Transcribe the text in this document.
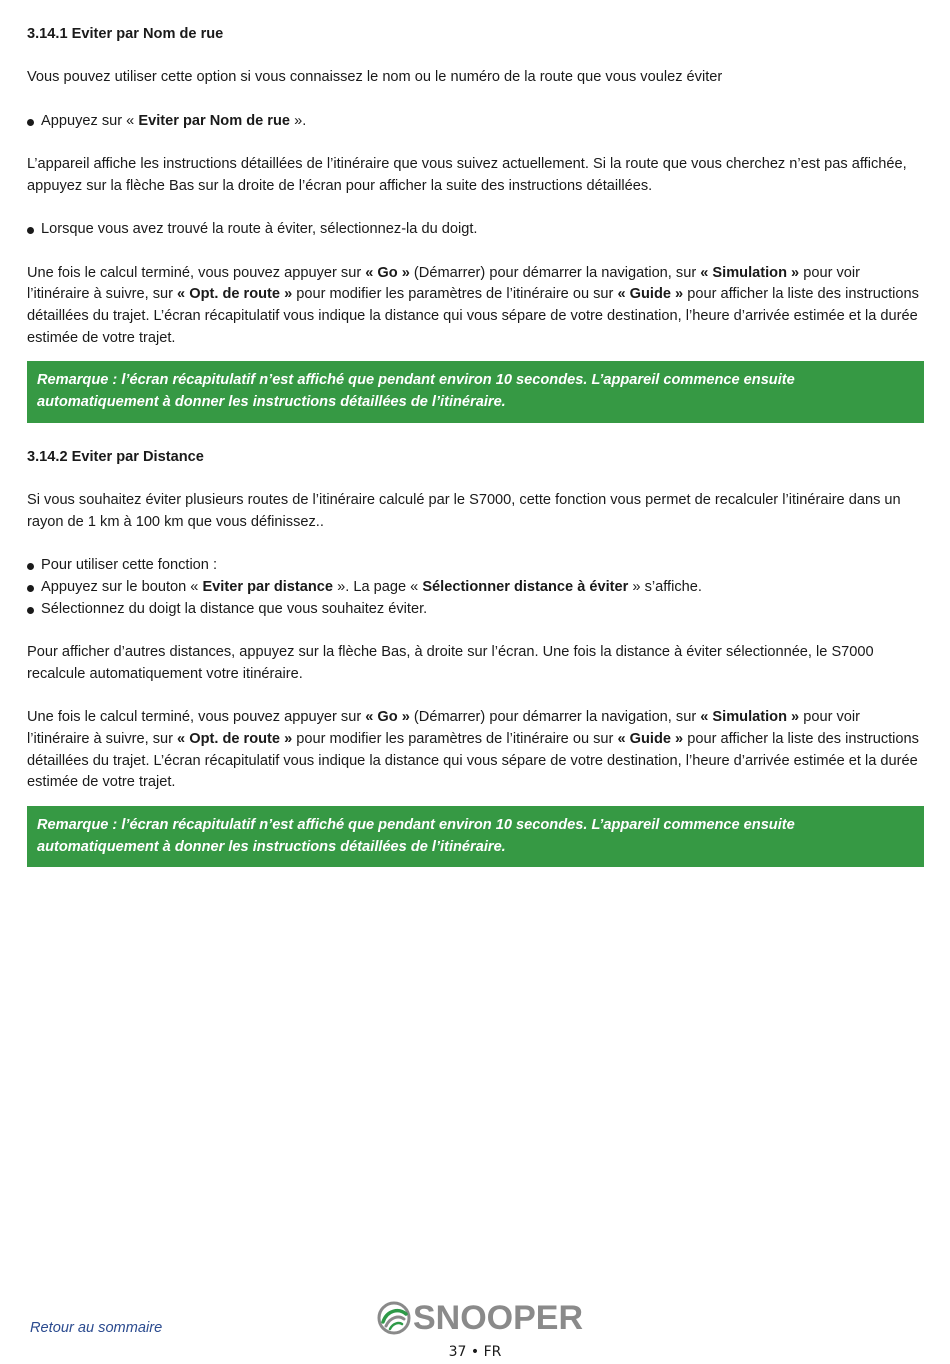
3.14.1 Eviter par Nom de rue

Vous pouvez utiliser cette option si vous connaissez le nom ou le numéro de la route que vous voulez éviter

Appuyez sur « Eviter par Nom de rue ».

L’appareil affiche les instructions détaillées de l’itinéraire que vous suivez actuellement. Si la route que vous cherchez n’est pas affichée, appuyez sur la flèche Bas sur la droite de l’écran pour afficher la suite des instructions détaillées.

Lorsque vous avez trouvé la route à éviter, sélectionnez-la du doigt.

Une fois le calcul terminé, vous pouvez appuyer sur « Go » (Démarrer) pour démarrer la navigation, sur « Simulation » pour voir l’itinéraire à suivre, sur « Opt. de route » pour modifier les paramètres de l’itinéraire ou sur « Guide » pour afficher la liste des instructions détaillées du trajet. L’écran récapitulatif vous indique la distance qui vous sépare de votre destination, l’heure d’arrivée estimée et la durée estimée de votre trajet.

Remarque : l’écran récapitulatif n’est affiché que pendant environ 10 secondes. L’appareil commence ensuite automatiquement à donner les instructions détaillées de l’itinéraire.
3.14.2 Eviter par Distance

Si vous souhaitez éviter plusieurs routes de l’itinéraire calculé par le S7000, cette fonction vous permet de recalculer l’itinéraire dans un rayon de 1 km à 100 km que vous définissez..

Pour utiliser cette fonction :

Appuyez sur le bouton « Eviter par distance ». La page « Sélectionner distance à éviter » s’affiche.

Sélectionnez du doigt la distance que vous souhaitez éviter.

Pour afficher d’autres distances, appuyez sur la flèche Bas, à droite sur l’écran. Une fois la distance à éviter sélectionnée, le S7000 recalcule automatiquement votre itinéraire.

Une fois le calcul terminé, vous pouvez appuyer sur « Go » (Démarrer) pour démarrer la navigation, sur « Simulation » pour voir l’itinéraire à suivre, sur « Opt. de route » pour modifier les paramètres de l’itinéraire ou sur « Guide » pour afficher la liste des instructions détaillées du trajet. L’écran récapitulatif vous indique la distance qui vous sépare de votre destination, l’heure d’arrivée estimée et la durée estimée de votre trajet.

Remarque : l’écran récapitulatif n’est affiché que pendant environ 10 secondes. L’appareil commence ensuite automatiquement à donner les instructions détaillées de l’itinéraire.
Retour au sommaire	SNOOPER
37 • FR
